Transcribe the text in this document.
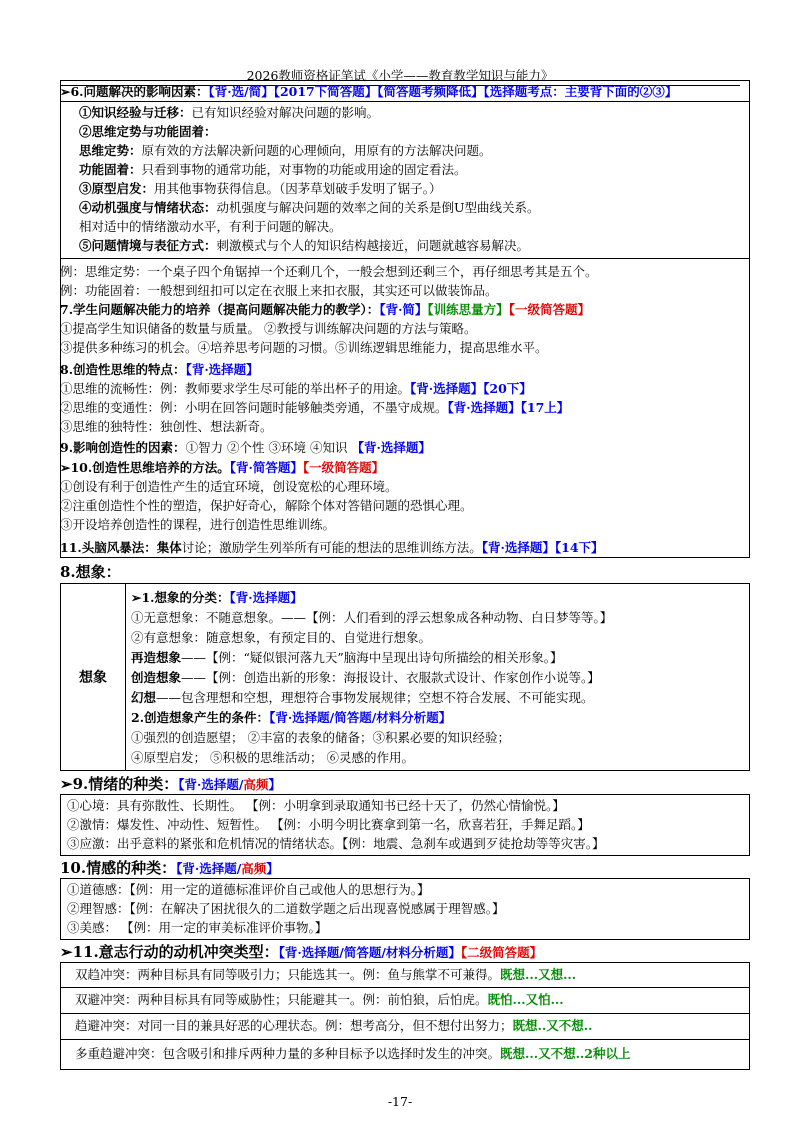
2026教师资格证笔试《小学——教育教学知识与能力》
➢6.问题解决的影响因素：【背·选/简】【2017下简答题】【简答题考频降低】【选择题考点：主要背下面的②③】
①知识经验与迁移：已有知识经验对解决问题的影响。
②思维定势与功能固着：
思维定势：原有效的方法解决新问题的心理倾向，用原有的方法解决问题。
功能固着：只看到事物的通常功能，对事物的功能或用途的固定看法。
③原型启发：用其他事物获得信息。（因茅草划破手发明了锯子。）
④动机强度与情绪状态：动机强度与解决问题的效率之间的关系是倒U型曲线关系。
相对适中的情绪激动水平，有利于问题的解决。
⑤问题情境与表征方式：刺激模式与个人的知识结构越接近，问题就越容易解决。
例：思维定势：一个桌子四个角锯掉一个还剩几个，一般会想到还剩三个，再仔细思考其是五个。
例：功能固着：一般想到纽扣可以定在衣服上来扣衣服，其实还可以做装饰品。
7.学生问题解决能力的培养（提高问题解决能力的教学）：【背·简】【训练思量方】【一级简答题】
①提高学生知识储备的数量与质量。 ②教授与训练解决问题的方法与策略。
③提供多种练习的机会。④培养思考问题的习惯。⑤训练逻辑思维能力，提高思维水平。
8.创造性思维的特点：【背·选择题】
①思维的流畅性：例：教师要求学生尽可能的举出杯子的用途。【背·选择题】【20下】
②思维的变通性：例：小明在回答问题时能够触类旁通，不墨守成规。【背·选择题】【17上】
③思维的独特性：独创性、想法新奇。
9.影响创造性的因素：①智力 ②个性 ③环境 ④知识 【背·选择题】
➢10.创造性思维培养的方法。【背·简答题】【一级简答题】
①创设有利于创造性产生的适宜环境，创设宽松的心理环境。
②注重创造性个性的塑造，保护好奇心，解除个体对答错问题的恐惧心理。
③开设培养创造性的课程，进行创造性思维训练。
11.头脑风暴法：集体讨论；激励学生列举所有可能的想法的思维训练方法。【背·选择题】【14下】
8.想象：
想象
➢1.想象的分类：【背·选择题】
①无意想象：不随意想象。——【例：人们看到的浮云想象成各种动物、白日梦等等。】
②有意想象：随意想象，有预定目的、自觉进行想象。
再造想象——【例：“疑似银河落九天”脑海中呈现出诗句所描绘的相关形象。】
创造想象——【例：创造出新的形象：海报设计、衣服款式设计、作家创作小说等。】
幻想——包含理想和空想，理想符合事物发展规律；空想不符合发展、不可能实现。
2.创造想象产生的条件：【背·选择题/简答题/材料分析题】
①强烈的创造愿望； ②丰富的表象的储备；③积累必要的知识经验；
④原型启发； ⑤积极的思维活动； ⑥灵感的作用。
➢9.情绪的种类：【背·选择题/高频】
①心境：具有弥散性、长期性。 【例：小明拿到录取通知书已经十天了，仍然心情愉悦。】
②激情：爆发性、冲动性、短暂性。 【例：小明今明比赛拿到第一名，欣喜若狂，手舞足蹈。】
③应激：出乎意料的紧张和危机情况的情绪状态。【例：地震、急刹车或遇到歹徒抢劫等等灾害。】
10.情感的种类：【背·选择题/高频】
①道德感：【例：用一定的道德标准评价自己或他人的思想行为。】
②理智感：【例：在解决了困扰很久的二道数学题之后出现喜悦感属于理智感。】
③美感： 【例：用一定的审美标准评价事物。】
➢11.意志行动的动机冲突类型：【背·选择题/简答题/材料分析题】【二级简答题】
双趋冲突：两种目标具有同等吸引力；只能选其一。例：鱼与熊掌不可兼得。既想...又想...
双避冲突：两种目标具有同等威胁性；只能避其一。例：前怕狼，后怕虎。既怕...又怕...
趋避冲突：对同一目的兼具好恶的心理状态。例：想考高分，但不想付出努力；既想..又不想..
多重趋避冲突：包含吸引和排斥两种力量的多种目标予以选择时发生的冲突。既想...又不想..2种以上
-17-
